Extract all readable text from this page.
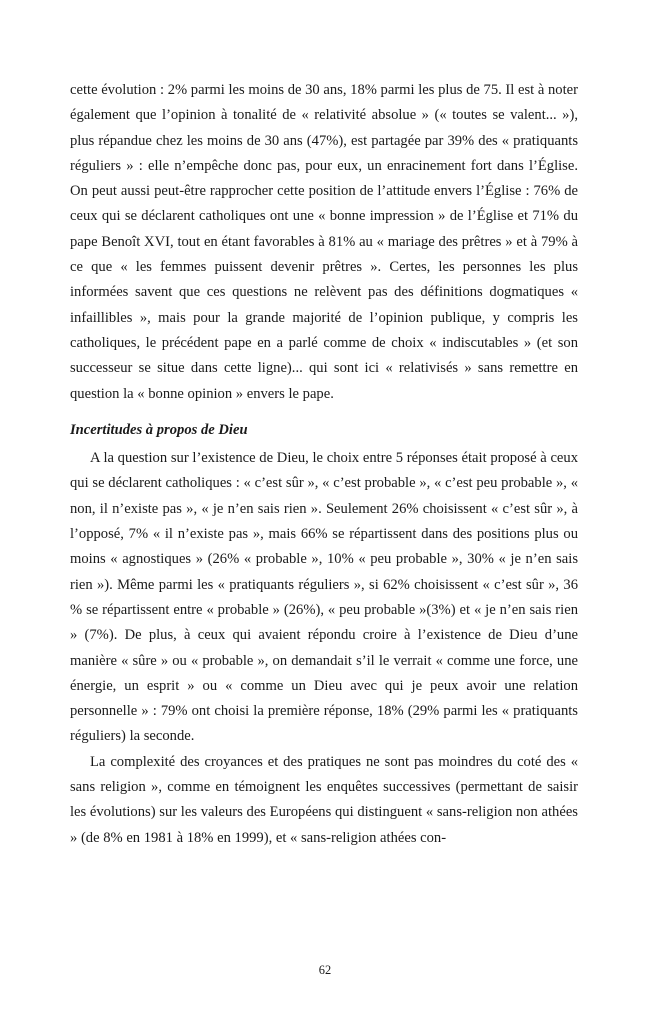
cette évolution : 2% parmi les moins de 30 ans, 18% parmi les plus de 75. Il est à noter également que l’opinion à tonalité de « relativité absolue » (« toutes se valent... »), plus répandue chez les moins de 30 ans (47%), est partagée par 39% des « pratiquants réguliers » : elle n’empêche donc pas, pour eux, un enracinement fort dans l’Église. On peut aussi peut-être rapprocher cette position de l’attitude envers l’Église : 76% de ceux qui se déclarent catholiques ont une « bonne impression » de l’Église et 71% du pape Benoît XVI, tout en étant favorables à 81% au « mariage des prêtres » et à 79% à ce que « les femmes puissent devenir prêtres ». Certes, les personnes les plus informées savent que ces questions ne relèvent pas des définitions dogmatiques « infaillibles », mais pour la grande majorité de l’opinion publique, y compris les catholiques, le précédent pape en a parlé comme de choix « indiscutables » (et son successeur se situe dans cette ligne)... qui sont ici « relativisés » sans remettre en question la « bonne opinion » envers le pape.

Incertitudes à propos de Dieu

A la question sur l’existence de Dieu, le choix entre 5 réponses était proposé à ceux qui se déclarent catholiques : « c’est sûr », « c’est probable », « c’est peu probable », « non, il n’existe pas », « je n’en sais rien ». Seulement 26% choisissent « c’est sûr », à l’opposé, 7% « il n’existe pas », mais 66% se répartissent dans des positions plus ou moins « agnostiques » (26% « probable », 10% « peu probable », 30% « je n’en sais rien »). Même parmi les « pratiquants réguliers », si 62% choisissent « c’est sûr », 36 % se répartissent entre « probable » (26%), « peu probable »(3%) et « je n’en sais rien » (7%). De plus, à ceux qui avaient répondu croire à l’existence de Dieu d’une manière « sûre » ou « probable », on demandait s’il le verrait « comme une force, une énergie, un esprit » ou « comme un Dieu avec qui je peux avoir une relation personnelle » : 79% ont choisi la première réponse, 18% (29% parmi les « pratiquants réguliers) la seconde.

La complexité des croyances et des pratiques ne sont pas moindres du coté des « sans religion », comme en témoignent les enquêtes successives (permettant de saisir les évolutions) sur les valeurs des Européens qui distinguent « sans-religion non athées » (de 8% en 1981 à 18% en 1999), et « sans-religion athées con-

62
